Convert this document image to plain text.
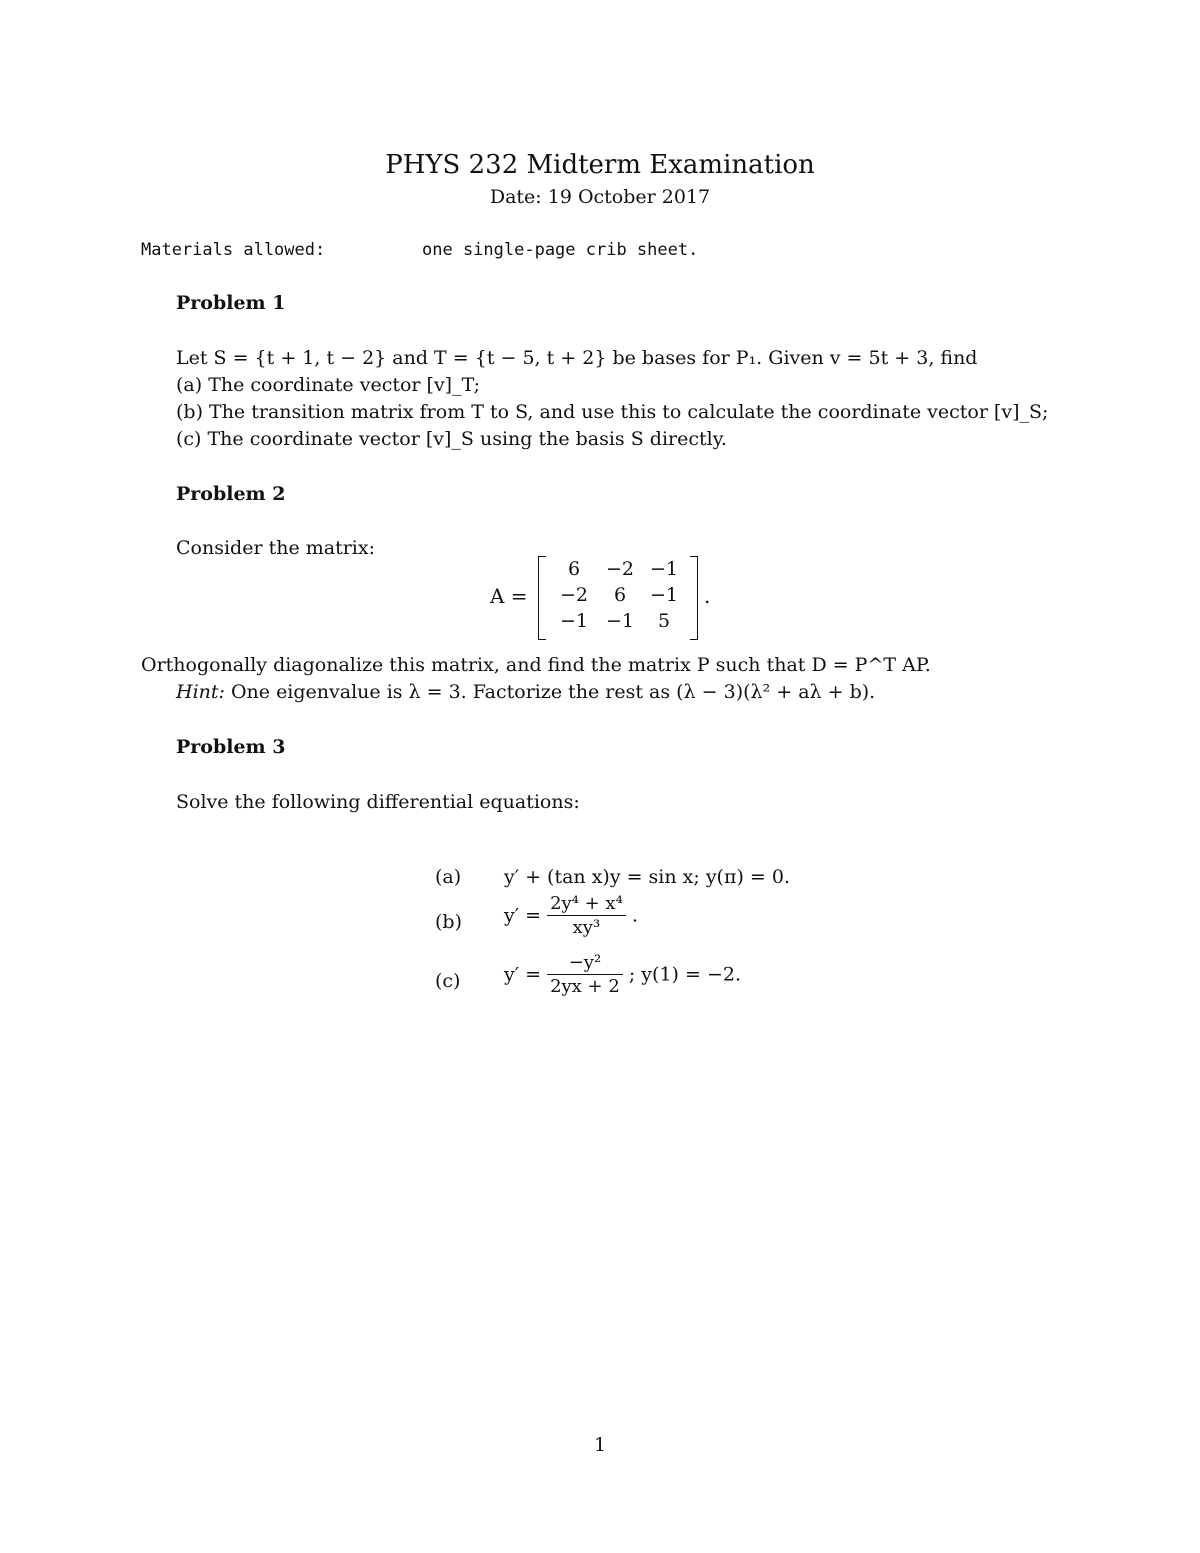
PHYS 232 Midterm Examination
Date: 19 October 2017
Materials allowed:	one single-page crib sheet.
Problem 1
Let S = {t + 1, t − 2} and T = {t − 5, t + 2} be bases for P₁. Given v = 5t + 3, find
(a) The coordinate vector [v]_T;
(b) The transition matrix from T to S, and use this to calculate the coordinate vector [v]_S;
(c) The coordinate vector [v]_S using the basis S directly.
Problem 2
Consider the matrix:
A =
6	−2 −1
−2	6	−1
−1 −1	5
.
Orthogonally diagonalize this matrix, and find the matrix P such that D = P^T AP.
Hint: One eigenvalue is λ = 3. Factorize the rest as (λ − 3)(λ² + aλ + b).
Problem 3
Solve the following differential equations:
(a) y′ + (tan x)y = sin x; y(π) = 0.
(b) $y' = \frac{\text{2y⁴ + x⁴}}{\text{xy³}}$ .
(c) $y' = \frac{\text{−y²}}{2yx + 2}$ ; y(1) = −2.
1
